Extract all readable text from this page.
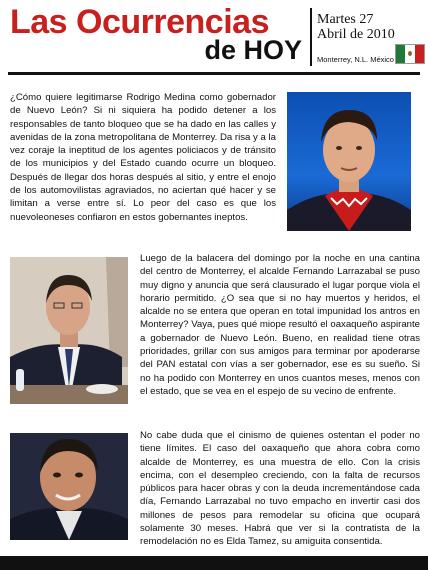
Las Ocurrencias
de HOY
Martes 27
Abril de 2010
Monterrey, N.L. México

¿Cómo quiere legitimarse Rodrigo Medina como gobernador de Nuevo León? Si ni siquiera ha podido detener a los responsables de tanto bloqueo que se ha dado en las calles y avenidas de la zona metropolitana de Monterrey. Da risa y a la vez coraje la ineptitud de los agentes policiacos y de tránsito de los municipios y del Estado cuando ocurre un bloqueo. Después de llegar dos horas después al sitio, y entre el enojo de los automovilistas agraviados, no aciertan qué hacer y se limitan a verse entre sí. Lo peor del caso es que los nuevoleoneses confiaron en estos gobernantes ineptos.

Luego de la balacera del domingo por la noche en una cantina del centro de Monterrey, el alcalde Fernando Larrazabal se puso muy digno y anuncia que será clausurado el lugar porque viola el horario permitido. ¿O sea que si no hay muertos y heridos, el alcalde no se entera que operan en total impunidad los antros en Monterrey? Vaya, pues qué miope resultó el oaxaqueño aspirante a gobernador de Nuevo León. Bueno, en realidad tiene otras prioridades, grillar con sus amigos para terminar por apoderarse del PAN estatal con vías a ser gobernador, ese es su sueño. Si no ha podido con Monterrey en unos cuantos meses, menos con el estado, que se vea en el espejo de su vecino de enfrente.

No cabe duda que el cinismo de quienes ostentan el poder no tiene límites. El caso del oaxaqueño que ahora cobra como alcalde de Monterrey, es una muestra de ello. Con la crisis encima, con el desempleo creciendo, con la falta de recursos públicos para hacer obras y con la deuda incrementándose cada día, Fernando Larrazabal no tuvo empacho en invertir casi dos millones de pesos para remodelar su oficina que ocupará solamente 30 meses. Habrá que ver si la contratista de la remodelación no es Elda Tamez, su amiguita consentida.
